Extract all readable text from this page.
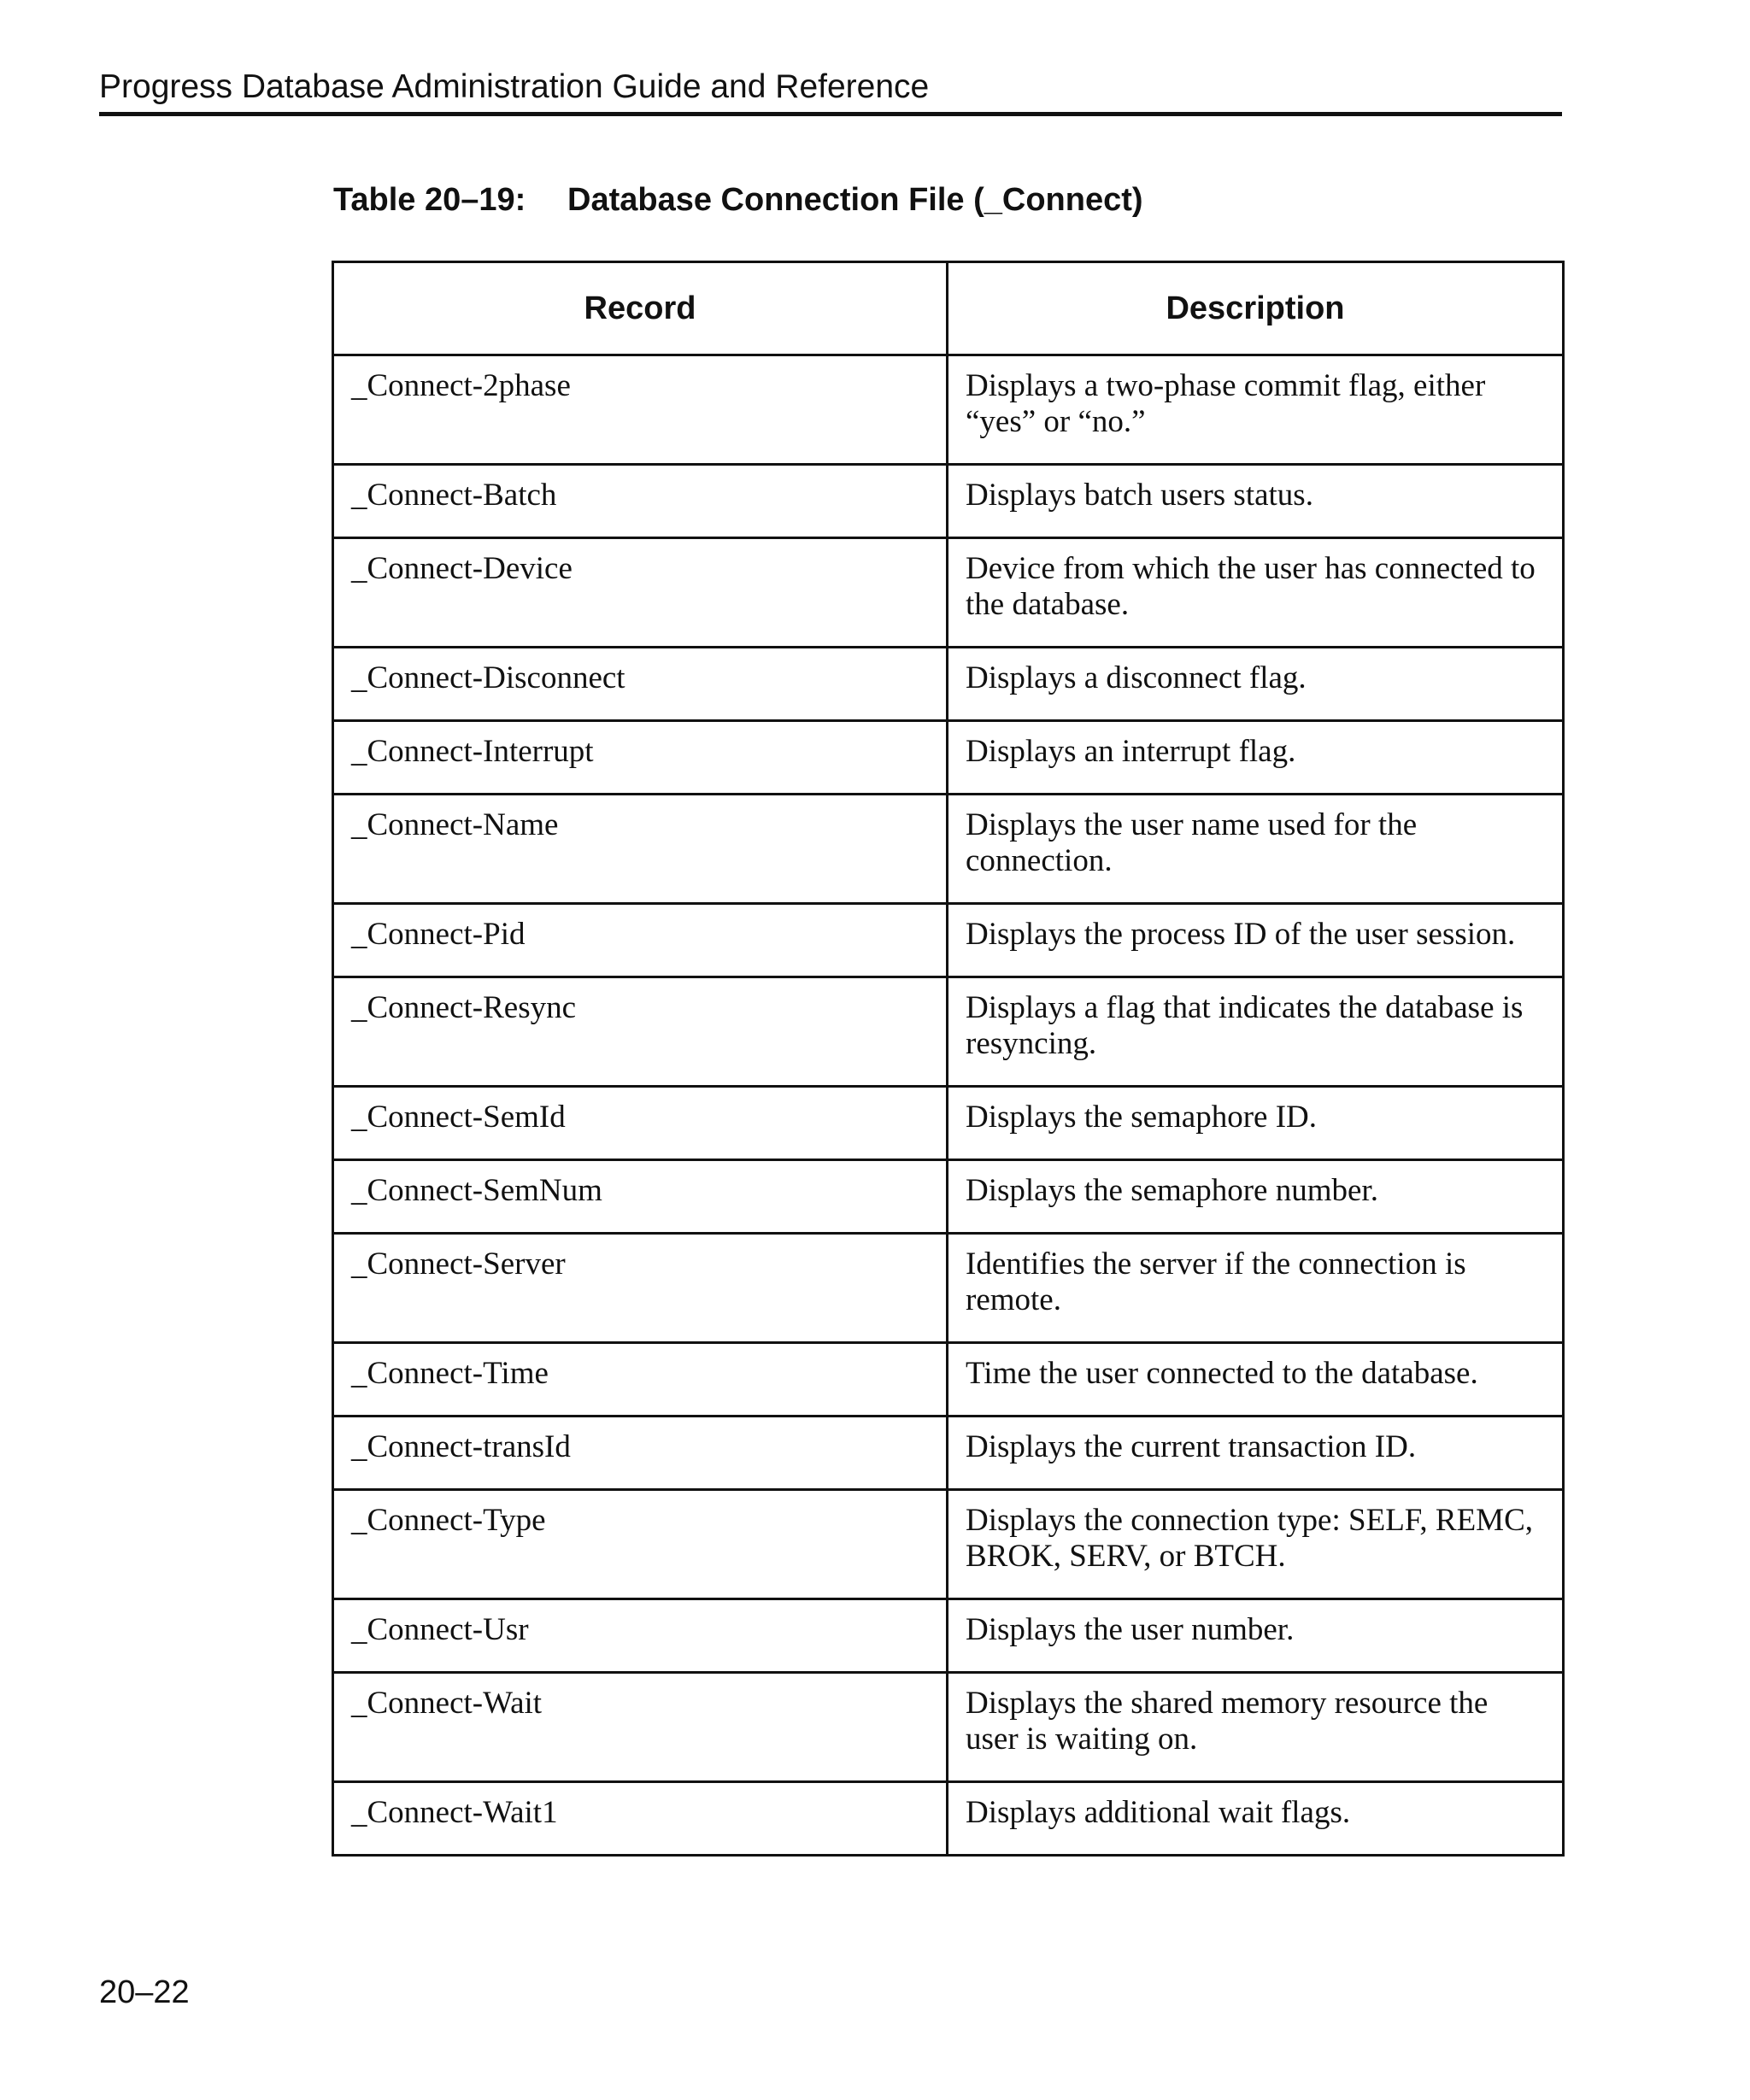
Progress Database Administration Guide and Reference
Table 20–19: Database Connection File (_Connect)
Record	Description
_Connect-2phase	Displays a two-phase commit flag, either “yes” or “no.”
_Connect-Batch	Displays batch users status.
_Connect-Device	Device from which the user has connected to the database.
_Connect-Disconnect	Displays a disconnect flag.
_Connect-Interrupt	Displays an interrupt flag.
_Connect-Name	Displays the user name used for the connection.
_Connect-Pid	Displays the process ID of the user session.
_Connect-Resync	Displays a flag that indicates the database is resyncing.
_Connect-SemId	Displays the semaphore ID.
_Connect-SemNum	Displays the semaphore number.
_Connect-Server	Identifies the server if the connection is remote.
_Connect-Time	Time the user connected to the database.
_Connect-transId	Displays the current transaction ID.
_Connect-Type	Displays the connection type: SELF, REMC, BROK, SERV, or BTCH.
_Connect-Usr	Displays the user number.
_Connect-Wait	Displays the shared memory resource the user is waiting on.
_Connect-Wait1	Displays additional wait flags.
20–22
